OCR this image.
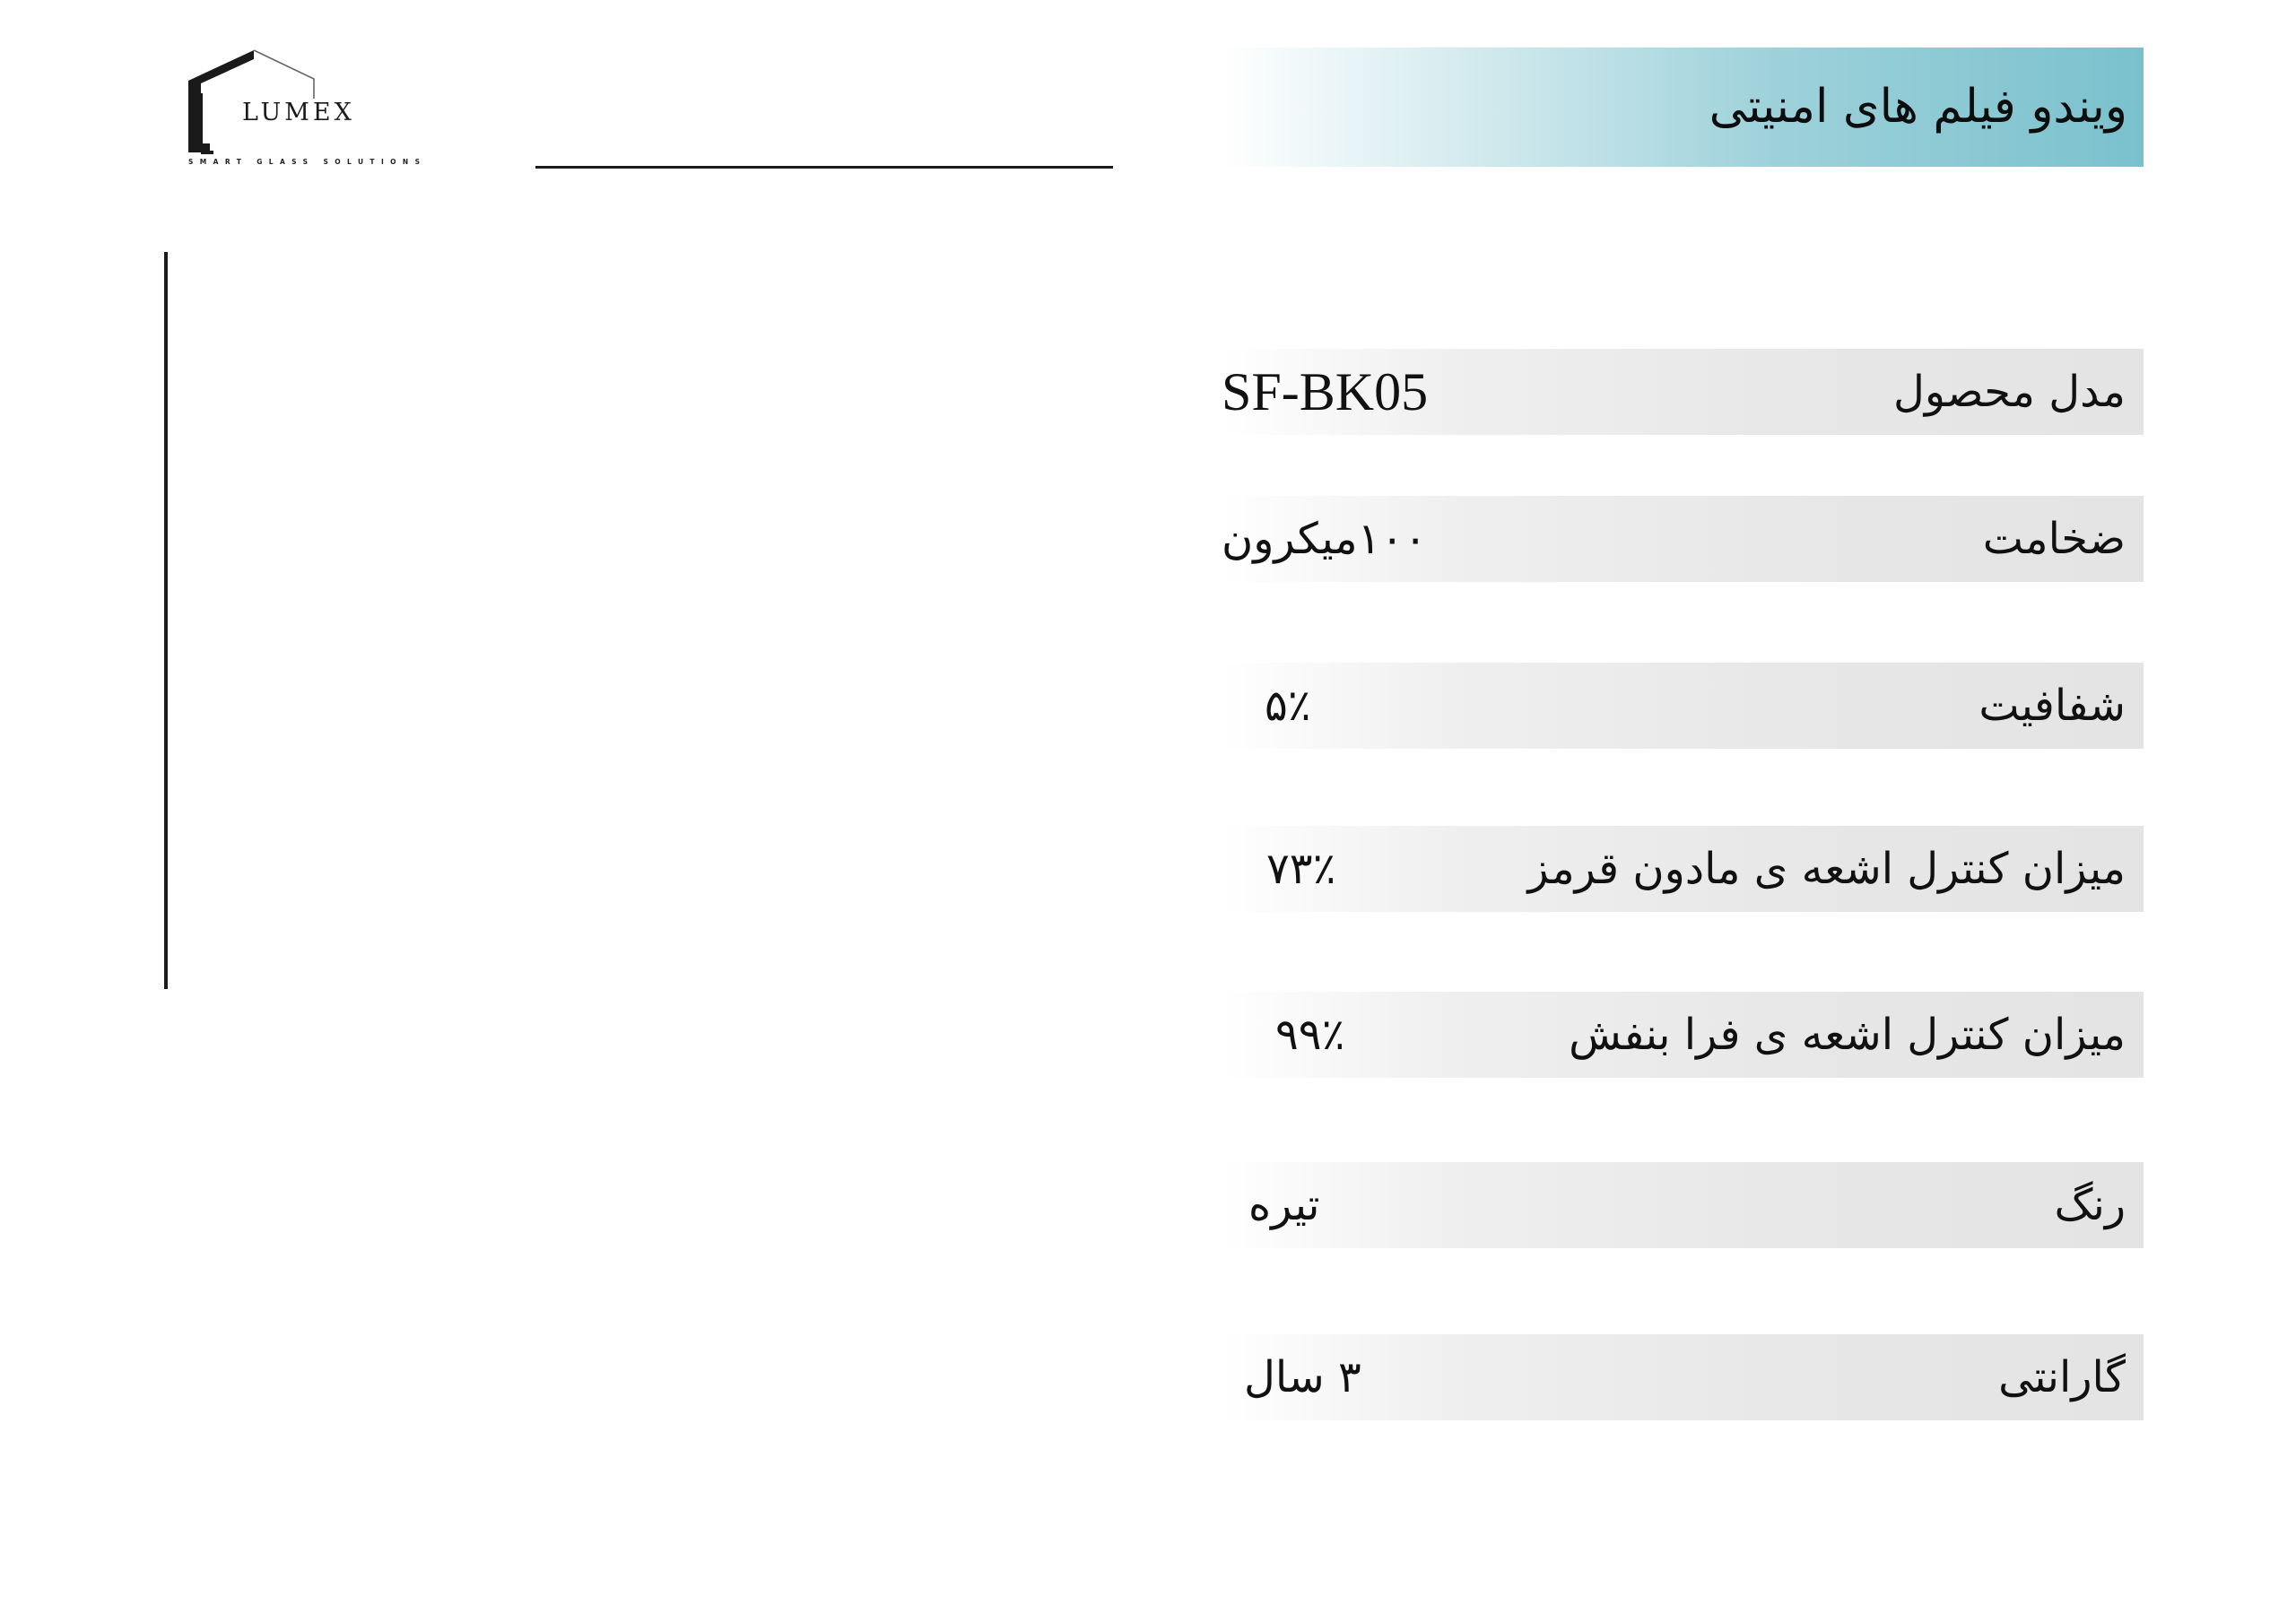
LUMEX
SMART GLASS SOLUTIONS
ویندو فیلم های امنیتی
مدل محصول
SF-BK05
ضخامت
۱۰۰میکرون
شفافیت
۵٪
میزان کنترل اشعه ی مادون قرمز
۷۳٪
میزان کنترل اشعه ی فرا بنفش
۹۹٪
رنگ
تیره
گارانتی
۳ سال
